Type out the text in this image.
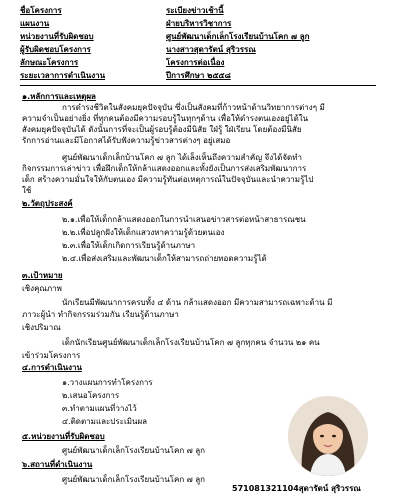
ชื่อโครงการ	ระเบียงข่าวเช้านี้
แผนงาน	ฝ่ายบริหารวิชาการ
หน่วยงานที่รับผิดชอบ	ศูนย์พัฒนาเด็กเล็กโรงเรียนบ้านโคก ๗ ลูก
ผู้รับผิดชอบโครงการ	นางสาวสุดารัตน์ สุริวรรณ
ลักษณะโครงการ	โครงการต่อเนื่อง
ระยะเวลาการดำเนินงาน	ปีการศึกษา ๒๕๕๘
๑.หลักการและเหตุผล
การดำรงชีวิตในสังคมยุคปัจจุบัน ซึ่งเป็นสังคมที่ก้าวหน้าด้านวิทยาการต่างๆ มี
ความจำเป็นอย่างยิ่ง ที่ทุกคนต้องมีความรอบรู้ในทุกๆด้าน เพื่อให้ดำรงตนเองอยู่ได้ใน
สังคมยุคปัจจุบันได้ ดังนั้นการที่จะเป็นผู้รอบรู้ต้องมีนิสัย ใฝ่รู้ ใฝ่เรียน โดยต้องมีนิสัย
รักการอ่านและมีโอกาสได้รับฟังความรู้ข่าวสารต่างๆ อยู่เสมอ
ศูนย์พัฒนาเด็กเล็กบ้านโคก ๗ ลูก ได้เล็งเห็นถึงความสำคัญ จึงได้จัดทำ
กิจกรรมการเล่าข่าว เพื่อฝึกเด็กให้กล้าแสดงออกและทั้งยังเป็นการส่งเสริมพัฒนาการ
เด็ก สร้างความมั่นใจให้กับตนเอง มีความรู้ทันต่อเหตุการณ์ในปัจจุบันและนำความรู้ไป
ใช้
๒.วัตถุประสงค์
๒.๑.เพื่อให้เด็กกล้าแสดงออกในการนำเสนอข่าวสารต่อหน้าสาธารณชน
๒.๒.เพื่อปลูกฝังให้เด็กแสวงหาความรู้ด้วยตนเอง
๒.๓.เพื่อให้เด็กเกิดการเรียนรู้ด้านภาษา
๒.๔.เพื่อส่งเสริมและพัฒนาเด็กให้สามารถถ่ายทอดความรู้ได้
๓.เป้าหมาย
เชิงคุณภาพ
นักเรียนมีพัฒนาการครบทั้ง ๔ ด้าน กล้าแสดงออก มีความสามารถเฉพาะด้าน มี
ภาวะผู้นำ ทำกิจกรรมร่วมกัน เรียนรู้ด้านภาษา
เชิงปริมาณ
เด็กนักเรียนศูนย์พัฒนาเด็กเล็กโรงเรียนบ้านโคก ๗ ลูกทุกคน จำนวน ๒๑ คน
เข้าร่วมโครงการ
๔.การดำเนินงาน
๑.วางแผนการทำโครงการ
๒.เสนอโครงการ
๓.ทำตามแผนที่วางไว้
๔.ติดตามและประเมินผล
๕.หน่วยงานที่รับผิดชอบ
ศูนย์พัฒนาเด็กเล็กโรงเรียนบ้านโคก ๗ ลูก
๖.สถานที่ดำเนินงาน
ศูนย์พัฒนาเด็กเล็กโรงเรียนบ้านโคก ๗ ลูก
571081321104สุดารัตน์ สุริวรรณ
